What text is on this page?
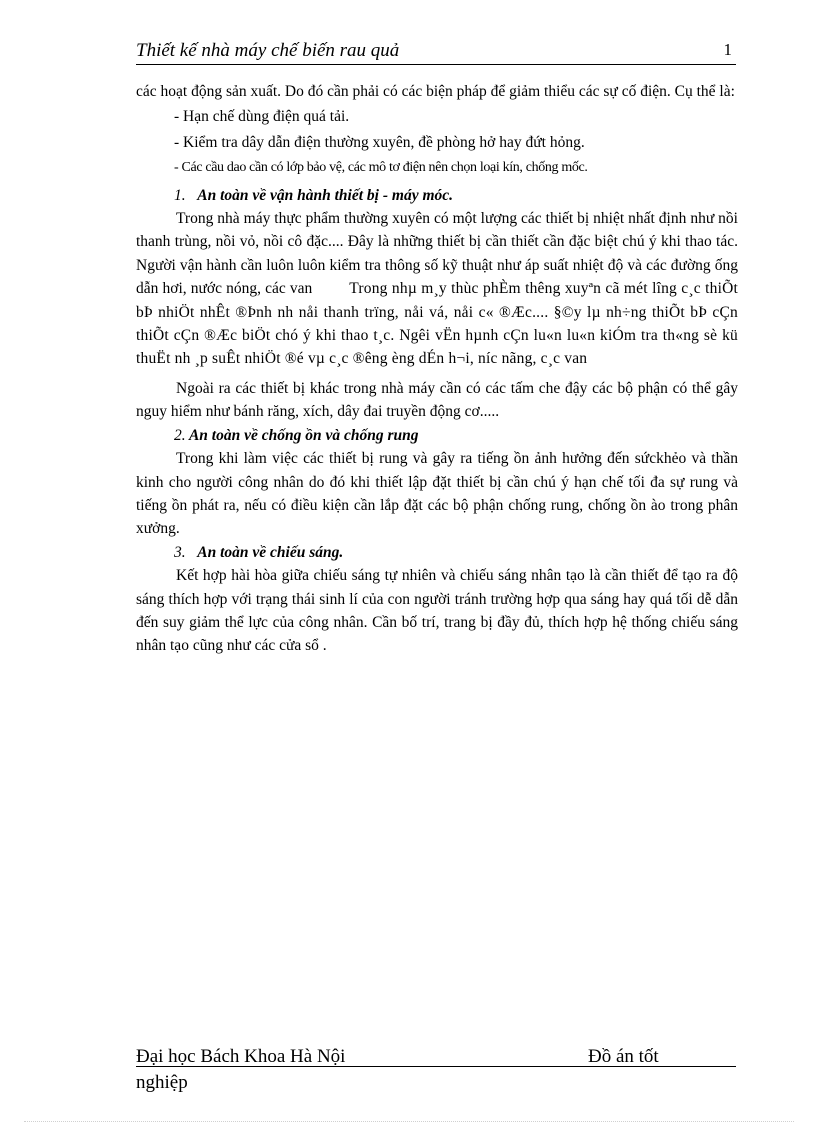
Thiết kế nhà máy chế biến rau quả	1

các hoạt động sản xuất. Do đó cần phải có các biện pháp để giảm thiểu các sự cố điện. Cụ thể là:

- Hạn chế dùng điện quá tải.

- Kiểm tra dây dẫn điện thường xuyên, đề phòng hở hay đứt hỏng.

- Các cầu dao cần có lớp bảo vệ, các mô tơ điện nên chọn loại kín, chống mốc.

1. An toàn về vận hành thiết bị - máy móc.

Trong nhà máy thực phẩm thường xuyên có một lượng các thiết bị nhiệt nhất định như nồi thanh trùng, nồi vỏ, nồi cô đặc.... Đây là những thiết bị cần thiết cần đặc biệt chú ý khi thao tác. Người vận hành cần luôn luôn kiểm tra thông số kỹ thuật như áp suất nhiệt độ và các đường ống dẫn hơi, nước nóng, các van Trong nhµ m¸y thùc phÈm thêng xuyªn cã mét lîng c¸c thiÕt bÞ nhiÖt nhÊt ®Þnh nh nåi thanh trïng, nåi vá, nåi c« ®Æc.... §©y lµ nh÷ng thiÕt bÞ cÇn thiÕt cÇn ®Æc biÖt chó ý khi thao t¸c. Ngêi vËn hµnh cÇn lu«n lu«n kiÓm tra th«ng sè kü thuËt nh ¸p suÊt nhiÖt ®é vµ c¸c ®êng èng dÉn h¬i, níc nãng, c¸c van

Ngoài ra các thiết bị khác trong nhà máy cần có các tấm che đậy các bộ phận có thể gây nguy hiểm như bánh răng, xích, dây đai truyền động cơ.....

2. An toàn về chống ồn và chống rung

Trong khi làm việc các thiết bị rung và gây ra tiếng ồn ảnh hưởng đến sứckhẻo và thần kinh cho người công nhân do đó khi thiết lập đặt thiết bị cần chú ý hạn chế tối đa sự rung và tiếng ồn phát ra, nếu có điều kiện cần lắp đặt các bộ phận chống rung, chống ồn ào trong phân xưởng.

3. An toàn về chiếu sáng.

Kết hợp hài hòa giữa chiếu sáng tự nhiên và chiếu sáng nhân tạo là cần thiết để tạo ra độ sáng thích hợp với trạng thái sinh lí của con người tránh trường hợp qua sáng hay quá tối dễ dẫn đến suy giảm thể lực của công nhân. Cần bố trí, trang bị đầy đủ, thích hợp hệ thống chiếu sáng nhân tạo cũng như các cửa sổ .

Đại học Bách Khoa Hà Nội	Đồ án tốt
nghiệp
